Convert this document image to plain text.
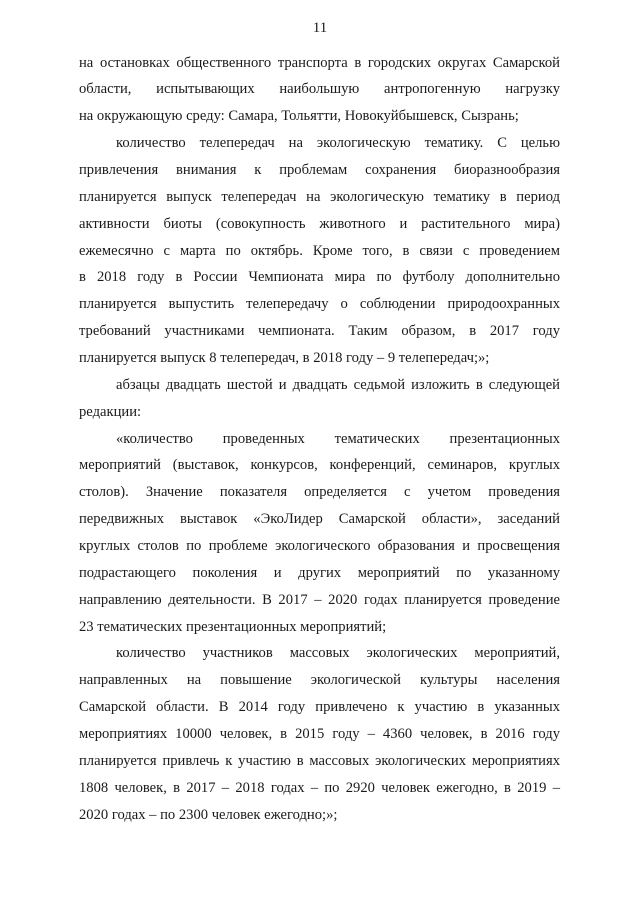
11
на остановках общественного транспорта в городских округах Самарской
области, испытывающих наибольшую антропогенную нагрузку
на окружающую среду: Самара, Тольятти, Новокуйбышевск, Сызрань;
количество телепередач на экологическую тематику. С целью
привлечения внимания к проблемам сохранения биоразнообразия
планируется выпуск телепередач на экологическую тематику в период
активности биоты (совокупность животного и растительного мира)
ежемесячно с марта по октябрь. Кроме того, в связи с проведением
в 2018 году в России Чемпионата мира по футболу дополнительно
планируется выпустить телепередачу о соблюдении природоохранных
требований участниками чемпионата. Таким образом, в 2017 году
планируется выпуск 8 телепередач, в 2018 году – 9 телепередач;»;
абзацы двадцать шестой и двадцать седьмой изложить в следующей
редакции:
«количество проведенных тематических презентационных
мероприятий (выставок, конкурсов, конференций, семинаров, круглых
столов). Значение показателя определяется с учетом проведения
передвижных выставок «ЭкоЛидер Самарской области», заседаний
круглых столов по проблеме экологического образования и просвещения
подрастающего поколения и других мероприятий по указанному
направлению деятельности. В 2017 – 2020 годах планируется проведение
23 тематических презентационных мероприятий;
количество участников массовых экологических мероприятий,
направленных на повышение экологической культуры населения
Самарской области. В 2014 году привлечено к участию в указанных
мероприятиях 10000 человек, в 2015 году – 4360 человек, в 2016 году
планируется привлечь к участию в массовых экологических мероприятиях
1808 человек, в 2017 – 2018 годах – по 2920 человек ежегодно, в 2019 –
2020 годах – по 2300 человек ежегодно;»;
